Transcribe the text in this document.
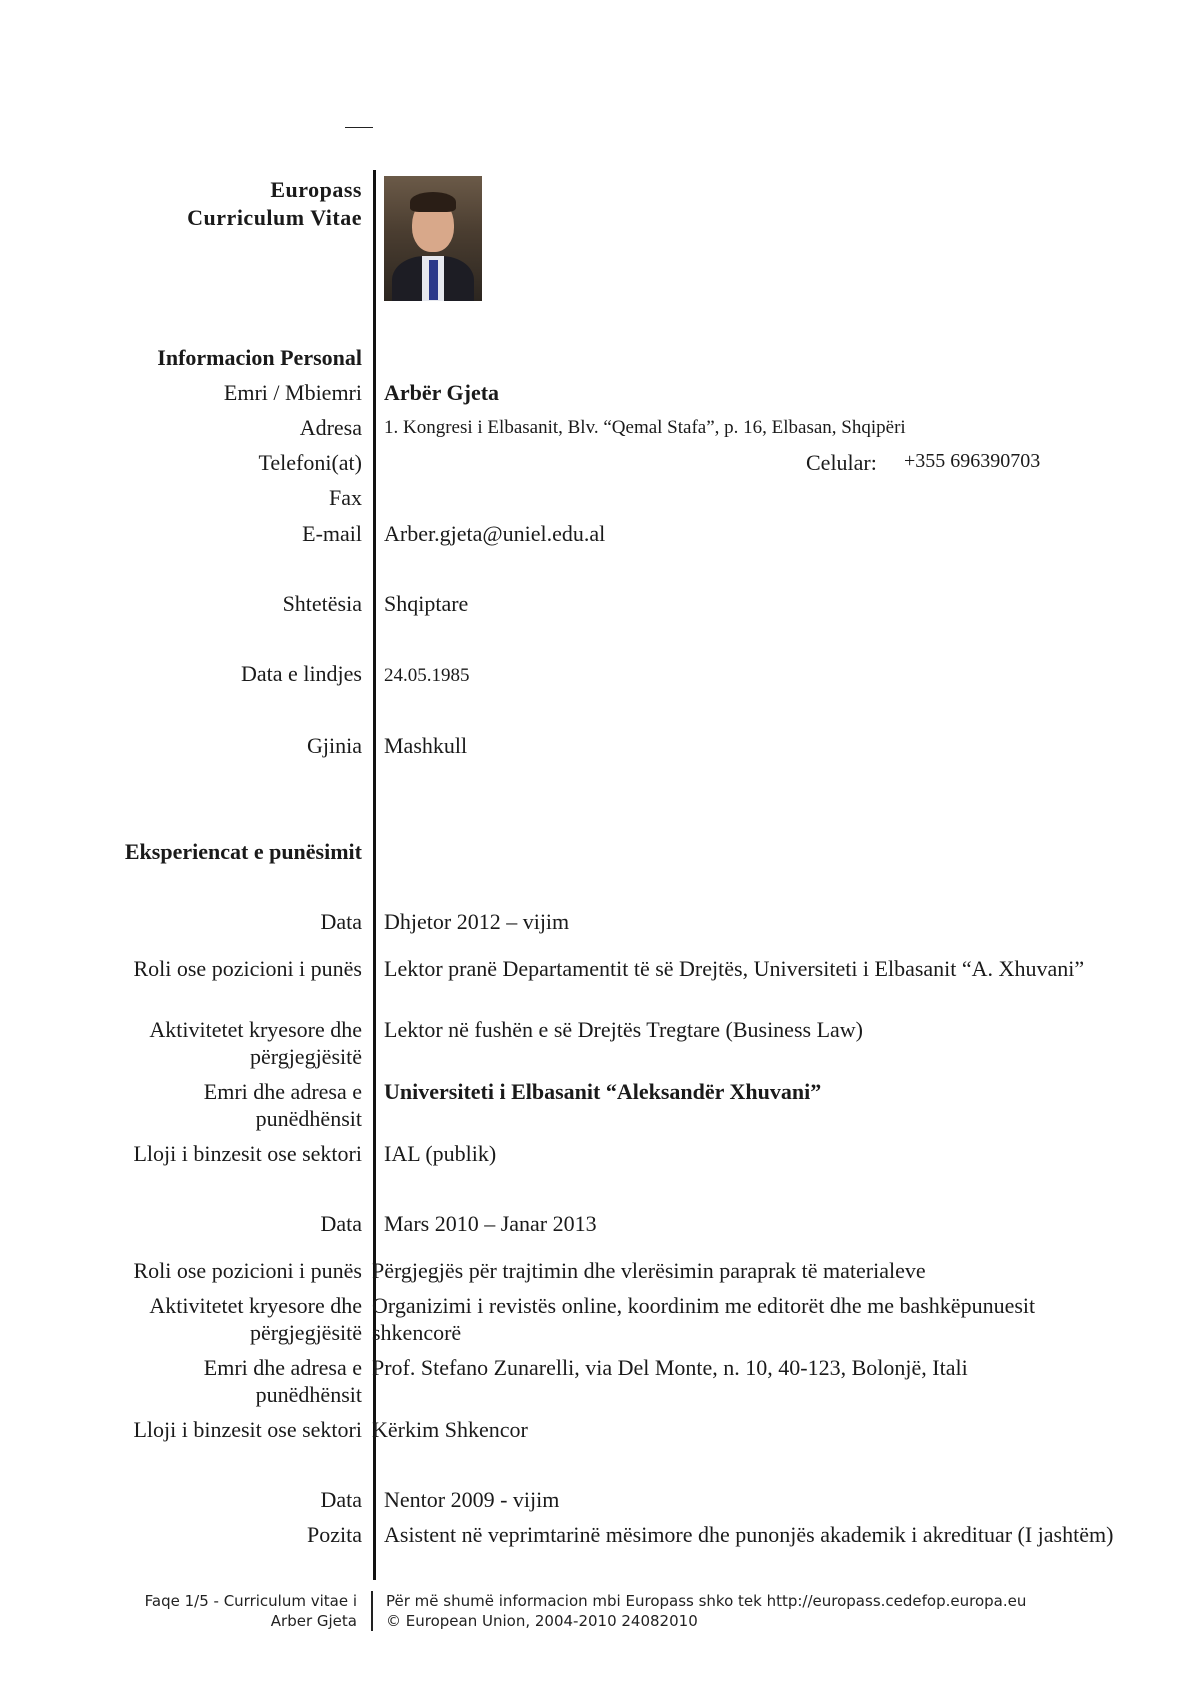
Europass
Curriculum Vitae
Informacion Personal
Emri / Mbiemri Arbër Gjeta
Adresa 1. Kongresi i Elbasanit, Blv. “Qemal Stafa”, p. 16, Elbasan, Shqipëri
Telefoni(at)	Celular: +355 696390703
Fax
E-mail Arber.gjeta@uniel.edu.al
Shtetësia Shqiptare
Data e lindjes 24.05.1985
Gjinia Mashkull
Eksperiencat e punësimit
Data Dhjetor 2012 – vijim
Roli ose pozicioni i punës Lektor pranë Departamentit të së Drejtës, Universiteti i Elbasanit “A. Xhuvani”
Aktivitetet kryesore dhe
përgjegjësitë
Lektor në fushën e së Drejtës Tregtare (Business Law)
Emri dhe adresa e
punëdhënsit
Universiteti i Elbasanit “Aleksandër Xhuvani”
Lloji i binzesit ose sektori IAL (publik)
Data Mars 2010 – Janar 2013
Roli ose pozicioni i punës Përgjegjës për trajtimin dhe vlerësimin paraprak të materialeve
Aktivitetet kryesore dhe
përgjegjësitë
Organizimi i revistës online, koordinim me editorët dhe me bashkëpunuesit shkencorë
Emri dhe adresa e
punëdhënsit
Prof. Stefano Zunarelli, via Del Monte, n. 10, 40-123, Bolonjë, Itali
Lloji i binzesit ose sektori Kërkim Shkencor
Data Nentor 2009 - vijim
Pozita Asistent në veprimtarinë mësimore dhe punonjës akademik i akredituar (I jashtëm)
Faqe 1/5 - Curriculum vitae i
Arber Gjeta
Për më shumë informacion mbi Europass shko tek http://europass.cedefop.europa.eu
© European Union, 2004-2010 24082010
